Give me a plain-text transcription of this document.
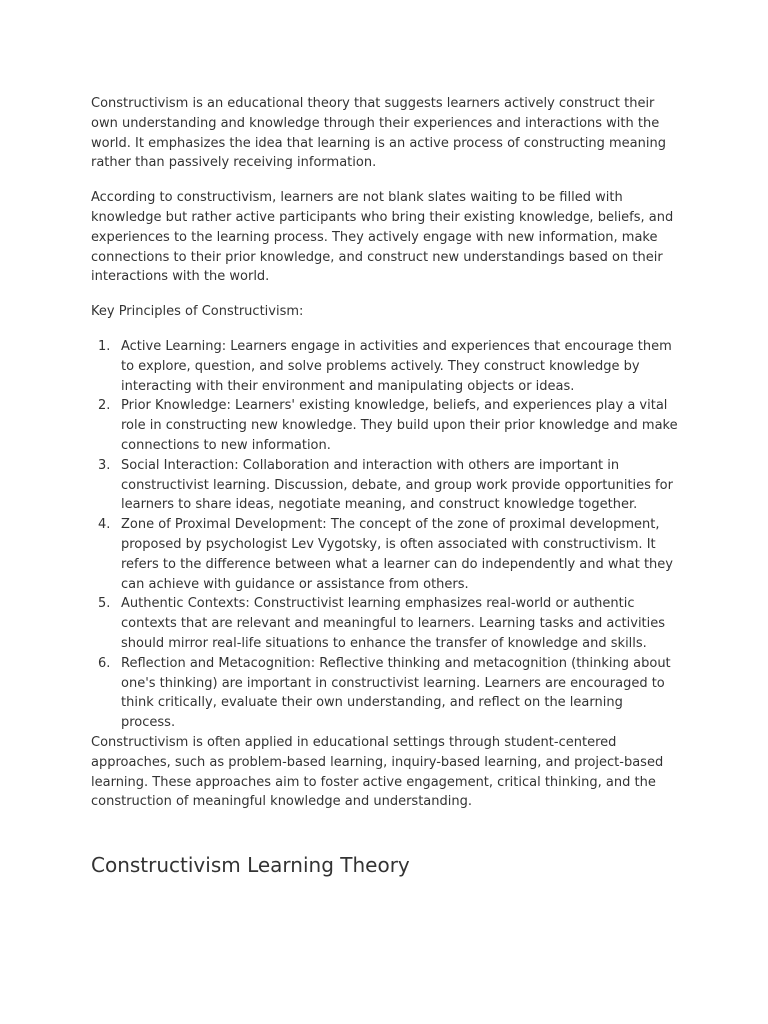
Constructivism is an educational theory that suggests learners actively construct their own understanding and knowledge through their experiences and interactions with the world. It emphasizes the idea that learning is an active process of constructing meaning rather than passively receiving information.

According to constructivism, learners are not blank slates waiting to be filled with knowledge but rather active participants who bring their existing knowledge, beliefs, and experiences to the learning process. They actively engage with new information, make connections to their prior knowledge, and construct new understandings based on their interactions with the world.

Key Principles of Constructivism:

1. Active Learning: Learners engage in activities and experiences that encourage them to explore, question, and solve problems actively. They construct knowledge by interacting with their environment and manipulating objects or ideas.
2. Prior Knowledge: Learners' existing knowledge, beliefs, and experiences play a vital role in constructing new knowledge. They build upon their prior knowledge and make connections to new information.
3. Social Interaction: Collaboration and interaction with others are important in constructivist learning. Discussion, debate, and group work provide opportunities for learners to share ideas, negotiate meaning, and construct knowledge together.
4. Zone of Proximal Development: The concept of the zone of proximal development, proposed by psychologist Lev Vygotsky, is often associated with constructivism. It refers to the difference between what a learner can do independently and what they can achieve with guidance or assistance from others.
5. Authentic Contexts: Constructivist learning emphasizes real-world or authentic contexts that are relevant and meaningful to learners. Learning tasks and activities should mirror real-life situations to enhance the transfer of knowledge and skills.
6. Reflection and Metacognition: Reflective thinking and metacognition (thinking about one's thinking) are important in constructivist learning. Learners are encouraged to think critically, evaluate their own understanding, and reflect on the learning process.

Constructivism is often applied in educational settings through student-centered approaches, such as problem-based learning, inquiry-based learning, and project-based learning. These approaches aim to foster active engagement, critical thinking, and the construction of meaningful knowledge and understanding.

Constructivism Learning Theory
